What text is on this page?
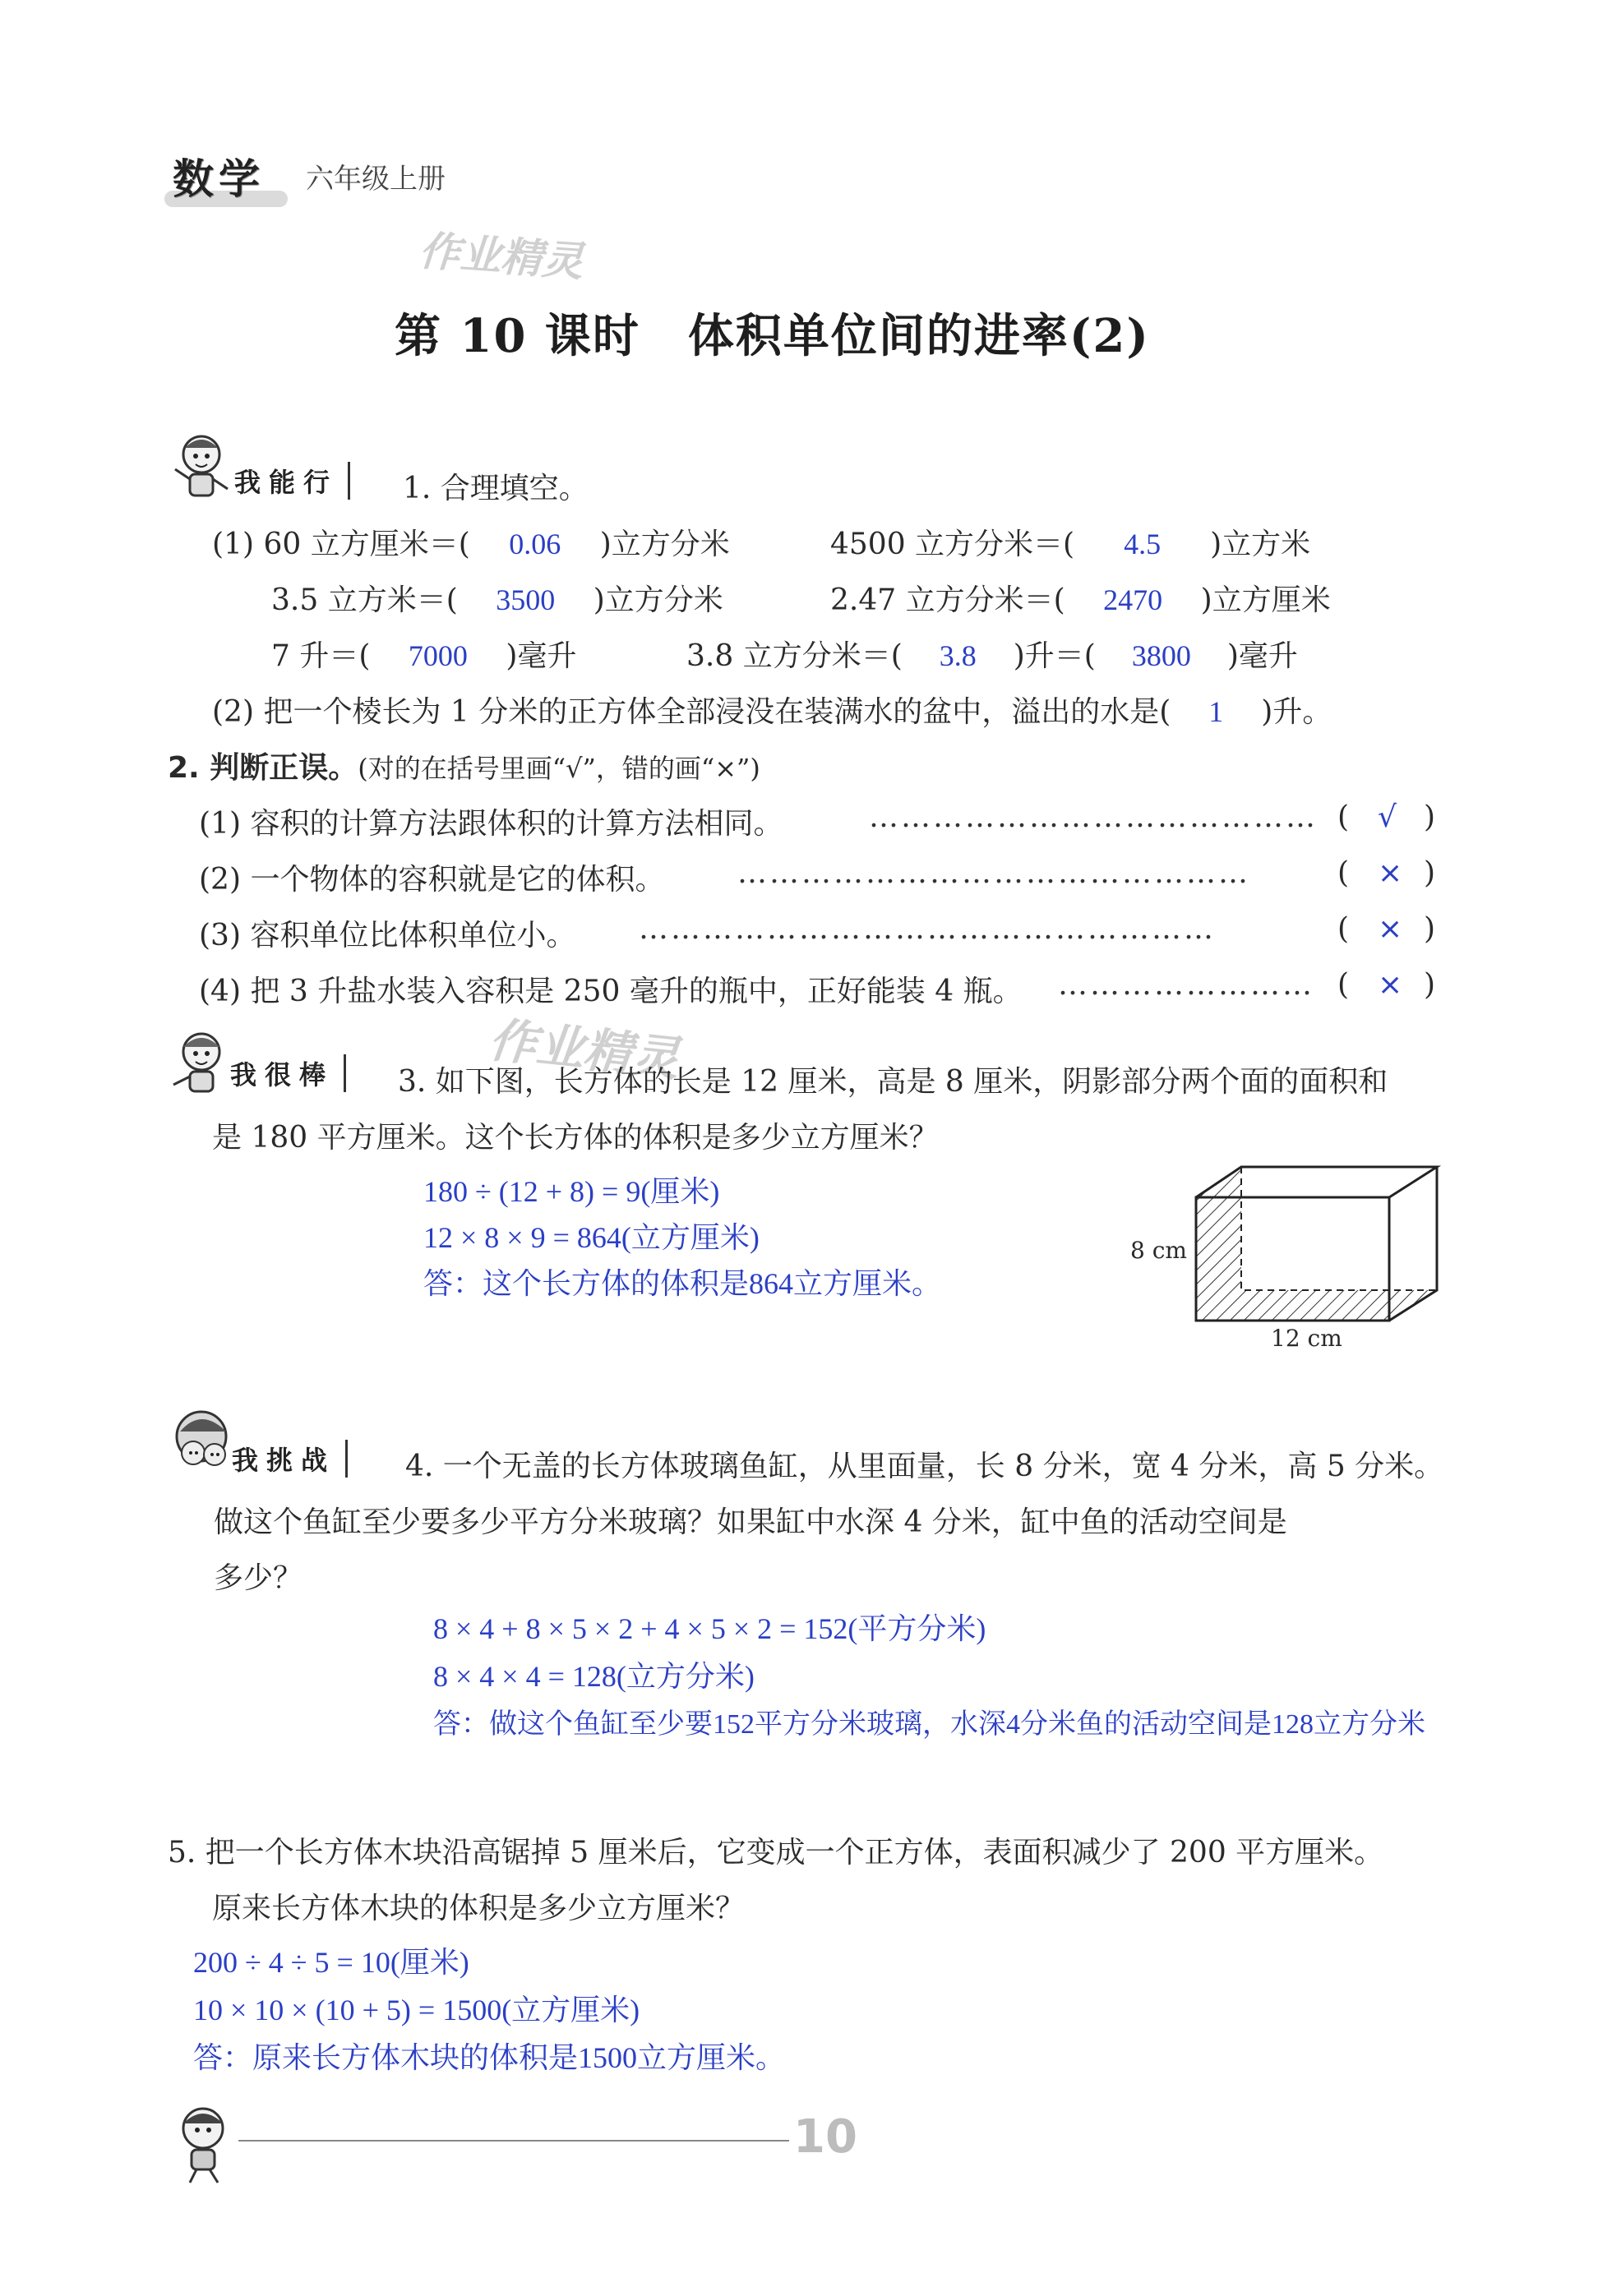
数学 六年级上册
作业精灵
第 10 课时　体积单位间的进率(2)
我能行	1. 合理填空。
(1) 60 立方厘米＝( 0.06 )立方分米	4500 立方分米＝( 4.5 )立方米
3.5 立方米＝( 3500 )立方分米	2.47 立方分米＝( 2470 )立方厘米
7 升＝( 7000 )毫升	3.8 立方分米＝( 3.8 )升＝( 3800 )毫升
(2) 把一个棱长为 1 分米的正方体全部浸没在装满水的盆中，溢出的水是( 1 )升。
2. 判断正误。(对的在括号里画“√”，错的画“×”)
(1) 容积的计算方法跟体积的计算方法相同。	…………………………………… ( √ )
(2) 一个物体的容积就是它的体积。 …………………………………………	( × )
(3) 容积单位比体积单位小。 ………………………………………………	( × )
(4) 把 3 升盐水装入容积是 250 毫升的瓶中，正好能装 4 瓶。 …………………… ( × )
作业精灵
我很棒	3. 如下图，长方体的长是 12 厘米，高是 8 厘米，阴影部分两个面的面积和
是 180 平方厘米。这个长方体的体积是多少立方厘米？
180 ÷ (12 + 8) = 9(厘米)
12 × 8 × 9 = 864(立方厘米)
答：这个长方体的体积是864立方厘米。
8 cm
12 cm
我挑战	4. 一个无盖的长方体玻璃鱼缸，从里面量，长 8 分米，宽 4 分米，高 5 分米。
做这个鱼缸至少要多少平方分米玻璃？如果缸中水深 4 分米，缸中鱼的活动空间是
多少？
8 × 4 + 8 × 5 × 2 + 4 × 5 × 2 = 152(平方分米)
8 × 4 × 4 = 128(立方分米)
答：做这个鱼缸至少要152平方分米玻璃，水深4分米鱼的活动空间是128立方分米
5. 把一个长方体木块沿高锯掉 5 厘米后，它变成一个正方体，表面积减少了 200 平方厘米。
原来长方体木块的体积是多少立方厘米？
200 ÷ 4 ÷ 5 = 10(厘米)
10 × 10 × (10 + 5) = 1500(立方厘米)
答：原来长方体木块的体积是1500立方厘米。
10
